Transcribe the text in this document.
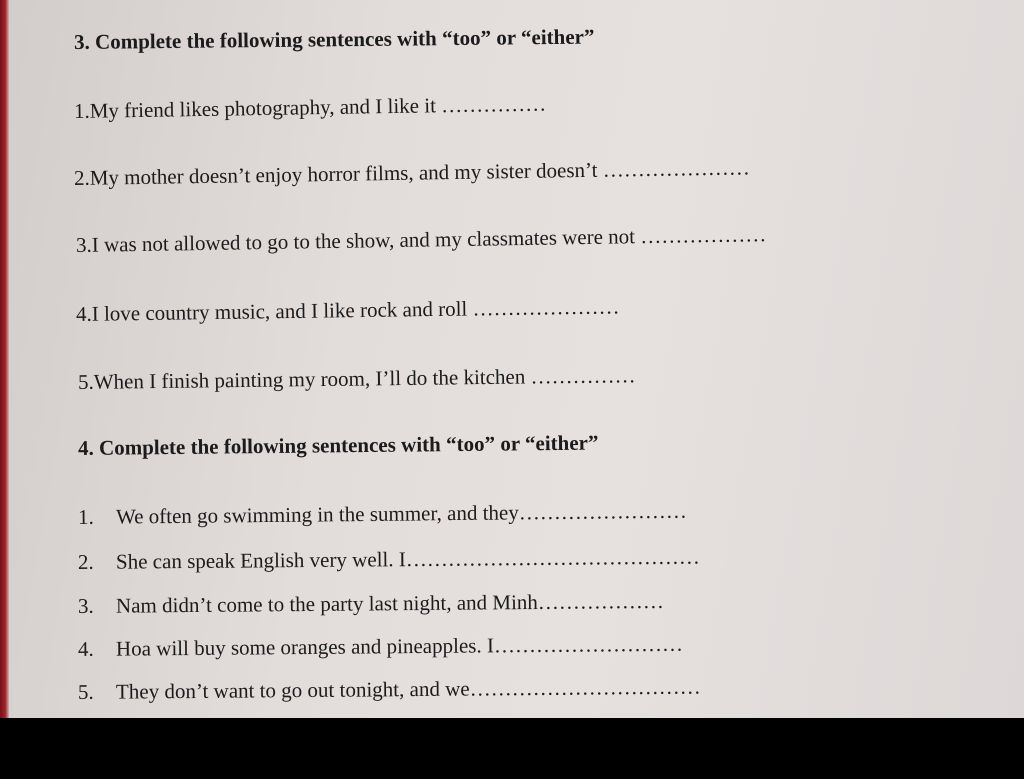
3. Complete the following sentences with “too” or “either”
1.My friend likes photography, and I like it ……………
2.My mother doesn’t enjoy horror films, and my sister doesn’t …………………
3.I was not allowed to go to the show, and my classmates were not ………………
4.I love country music, and I like rock and roll …………………
5.When I finish painting my room, I’ll do the kitchen ……………
4. Complete the following sentences with “too” or “either”
1. We often go swimming in the summer, and they……………………
2. She can speak English very well. I……………………………………
3. Nam didn’t come to the party last night, and Minh………………
4. Hoa will buy some oranges and pineapples. I………………………
5. They don’t want to go out tonight, and we……………………………
